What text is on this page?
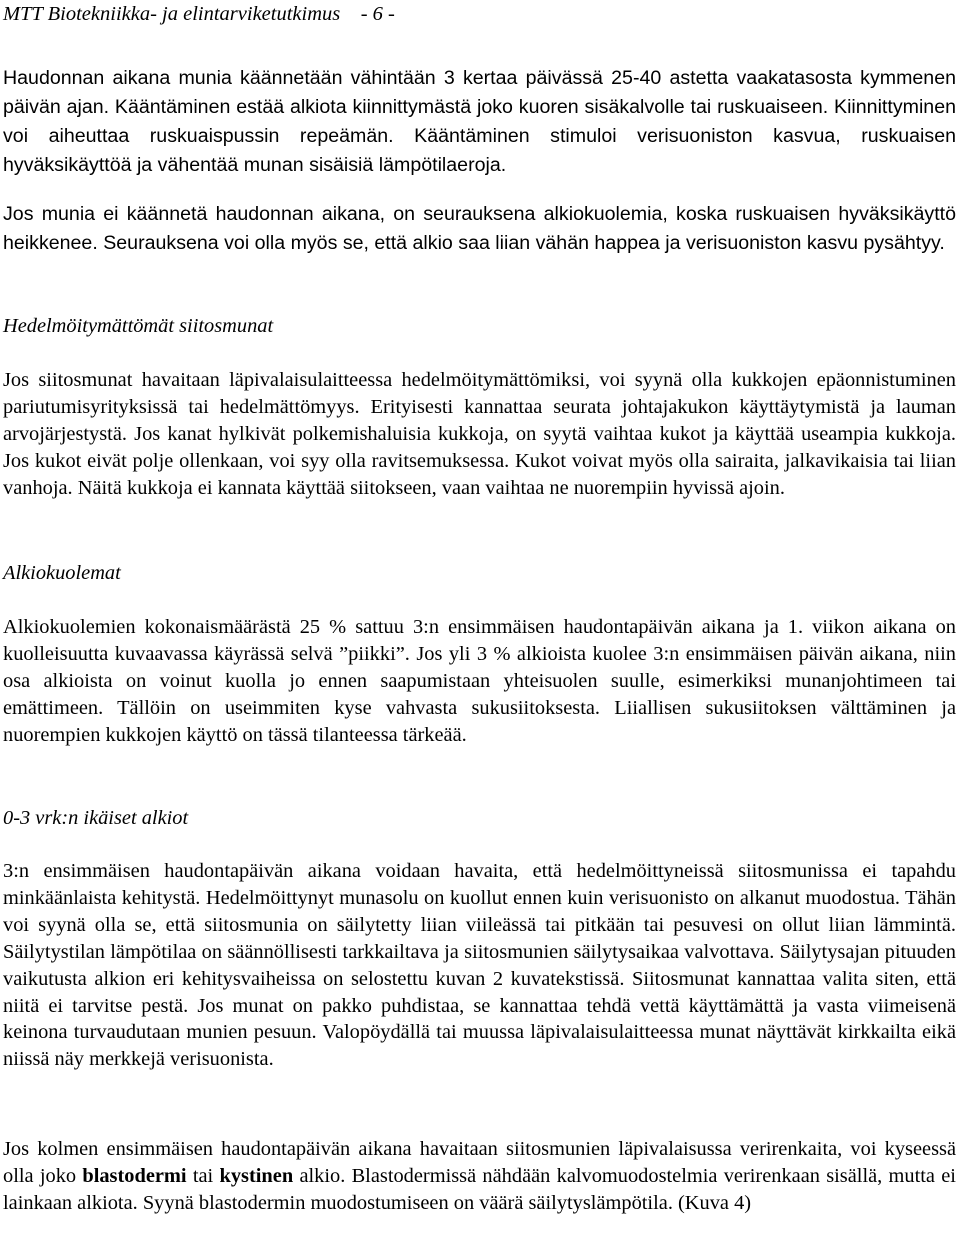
MTT Biotekniikka- ja elintarviketutkimus - 6 -

Haudonnan aikana munia käännetään vähintään 3 kertaa päivässä 25-40 astetta vaakatasosta kymmenen päivän ajan. Kääntäminen estää alkiota kiinnittymästä joko kuoren sisäkalvolle tai ruskuaiseen. Kiinnittyminen voi aiheuttaa ruskuaispussin repeämän. Kääntäminen stimuloi verisuoniston kasvua, ruskuaisen hyväksikäyttöä ja vähentää munan sisäisiä lämpötilaeroja.

Jos munia ei käännetä haudonnan aikana, on seurauksena alkiokuolemia, koska ruskuaisen hyväksikäyttö heikkenee. Seurauksena voi olla myös se, että alkio saa liian vähän happea ja verisuoniston kasvu pysähtyy.

Hedelmöitymättömät siitosmunat

Jos siitosmunat havaitaan läpivalaisulaitteessa hedelmöitymättömiksi, voi syynä olla kukkojen epäonnistuminen pariutumisyrityksissä tai hedelmättömyys. Erityisesti kannattaa seurata johtajakukon käyttäytymistä ja lauman arvojärjestystä. Jos kanat hylkivät polkemishaluisia kukkoja, on syytä vaihtaa kukot ja käyttää useampia kukkoja. Jos kukot eivät polje ollenkaan, voi syy olla ravitsemuksessa. Kukot voivat myös olla sairaita, jalkavikaisia tai liian vanhoja. Näitä kukkoja ei kannata käyttää siitokseen, vaan vaihtaa ne nuorempiin hyvissä ajoin.

Alkiokuolemat

Alkiokuolemien kokonaismäärästä 25 % sattuu 3:n ensimmäisen haudontapäivän aikana ja 1. viikon aikana on kuolleisuutta kuvaavassa käyrässä selvä ”piikki”. Jos yli 3 % alkioista kuolee 3:n ensimmäisen päivän aikana, niin osa alkioista on voinut kuolla jo ennen saapumistaan yhteisuolen suulle, esimerkiksi munanjohtimeen tai emättimeen. Tällöin on useimmiten kyse vahvasta sukusiitoksesta. Liiallisen sukusiitoksen välttäminen ja nuorempien kukkojen käyttö on tässä tilanteessa tärkeää.

0-3 vrk:n ikäiset alkiot

3:n ensimmäisen haudontapäivän aikana voidaan havaita, että hedelmöittyneissä siitosmunissa ei tapahdu minkäänlaista kehitystä. Hedelmöittynyt munasolu on kuollut ennen kuin verisuonisto on alkanut muodostua. Tähän voi syynä olla se, että siitosmunia on säilytetty liian viileässä tai pitkään tai pesuvesi on ollut liian lämmintä. Säilytystilan lämpötilaa on säännöllisesti tarkkailtava ja siitosmunien säilytysaikaa valvottava. Säilytysajan pituuden vaikutusta alkion eri kehitysvaiheissa on selostettu kuvan 2 kuvatekstissä. Siitosmunat kannattaa valita siten, että niitä ei tarvitse pestä. Jos munat on pakko puhdistaa, se kannattaa tehdä vettä käyttämättä ja vasta viimeisenä keinona turvaudutaan munien pesuun. Valopöydällä tai muussa läpivalaisulaitteessa munat näyttävät kirkkailta eikä niissä näy merkkejä verisuonista.

Jos kolmen ensimmäisen haudontapäivän aikana havaitaan siitosmunien läpivalaisussa verirenkaita, voi kyseessä olla joko blastodermi tai kystinen alkio. Blastodermissä nähdään kalvomuodostelmia verirenkaan sisällä, mutta ei lainkaan alkiota. Syynä blastodermin muodostumiseen on väärä säilytyslämpötila. (Kuva 4)
